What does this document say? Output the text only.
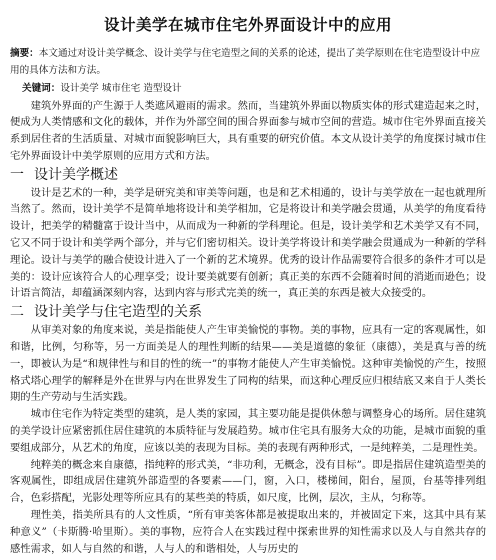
设计美学在城市住宅外界面设计中的应用

摘要：本文通过对设计美学概念、设计美学与住宅造型之间的关系的论述，提出了美学原则在住宅造型设计中应用的具体方法和方法。

关键词：设计美学 城市住宅 造型设计

建筑外界面的产生源于人类遮风避雨的需求。然而，当建筑外界面以物质实体的形式建造起来之时，便成为人类情感和文化的载体，并作为外部空间的围合界面参与城市空间的营造。城市住宅外界面直接关系到居住者的生活质量、对城市面貌影响巨大，具有重要的研究价值。本文从设计美学的角度探讨城市住宅外界面设计中美学原则的应用方式和方法。

一 设计美学概述

设计是艺术的一种，美学是研究美和审美等问题，也是和艺术相通的，设计与美学放在一起也就理所当然了。然而，设计美学不是简单地将设计和美学相加，它是将设计和美学融会贯通，从美学的角度看待设计，把美学的精髓富于设计当中，从而成为一种新的学科理论。但是，设计美学和艺术美学又有不同，它又不同于设计和美学两个部分，并与它们密切相关。设计美学将设计和美学融会贯通成为一种新的学科理论。设计与美学的融合使设计进入了一个新的艺术境界。优秀的设计作品需要符合很多的条件才可以是美的：设计应该符合人的心理享受；设计要美就要有创新；真正美的东西不会随着时间的消逝而逊色；设计语言简洁，却蕴涵深刻内容，达到内容与形式完美的统一，真正美的东西是被大众接受的。

二 设计美学与住宅造型的关系

从审美对象的角度来说，美是指能使人产生审美愉悦的事物。美的事物，应具有一定的客观属性，如和谐，比例，匀称等，另一方面美是人的理性判断的结果——美是道德的象征（康德），美是真与善的统一，即被认为是“和规律性与和目的性的统一”的事物才能使人产生审美愉悦。这种审美愉悦的产生，按照格式塔心理学的解释是外在世界与内在世界发生了同构的结果，而这种心理反应归根结底又来自于人类长期的生产劳动与生活实践。

城市住宅作为特定类型的建筑，是人类的家园，其主要功能是提供休憩与调整身心的场所。居住建筑的美学设计应紧密抓住居住建筑的本质特征与发展趋势。城市住宅具有服务大众的功能，是城市面貌的重要组成部分，从艺术的角度，应该以美的表现为目标。美的表现有两种形式，一是纯粹美，二是理性美。

纯粹美的概念来自康德，指纯粹的形式美，“非功利，无概念，没有目标”。即是指居住建筑造型美的客观属性，即组成居住建筑外部造型的各要素——门，窗，入口，楼梯间，阳台，屋顶，台基等排列组合，色彩搭配，光影处理等所应具有的某些美的特质，如尺度，比例，层次，主从，匀称等。

理性美，指美所具有的人文性质，“所有审美客体都是被提取出来的，并被固定下来，这其中具有某种意义”（卡斯腾·哈里斯）。美的事物，应符合人在实践过程中探索世界的知性需求以及人与自然共存的感性需求，如人与自然的和谐，人与人的和谐相处，人与历史的
